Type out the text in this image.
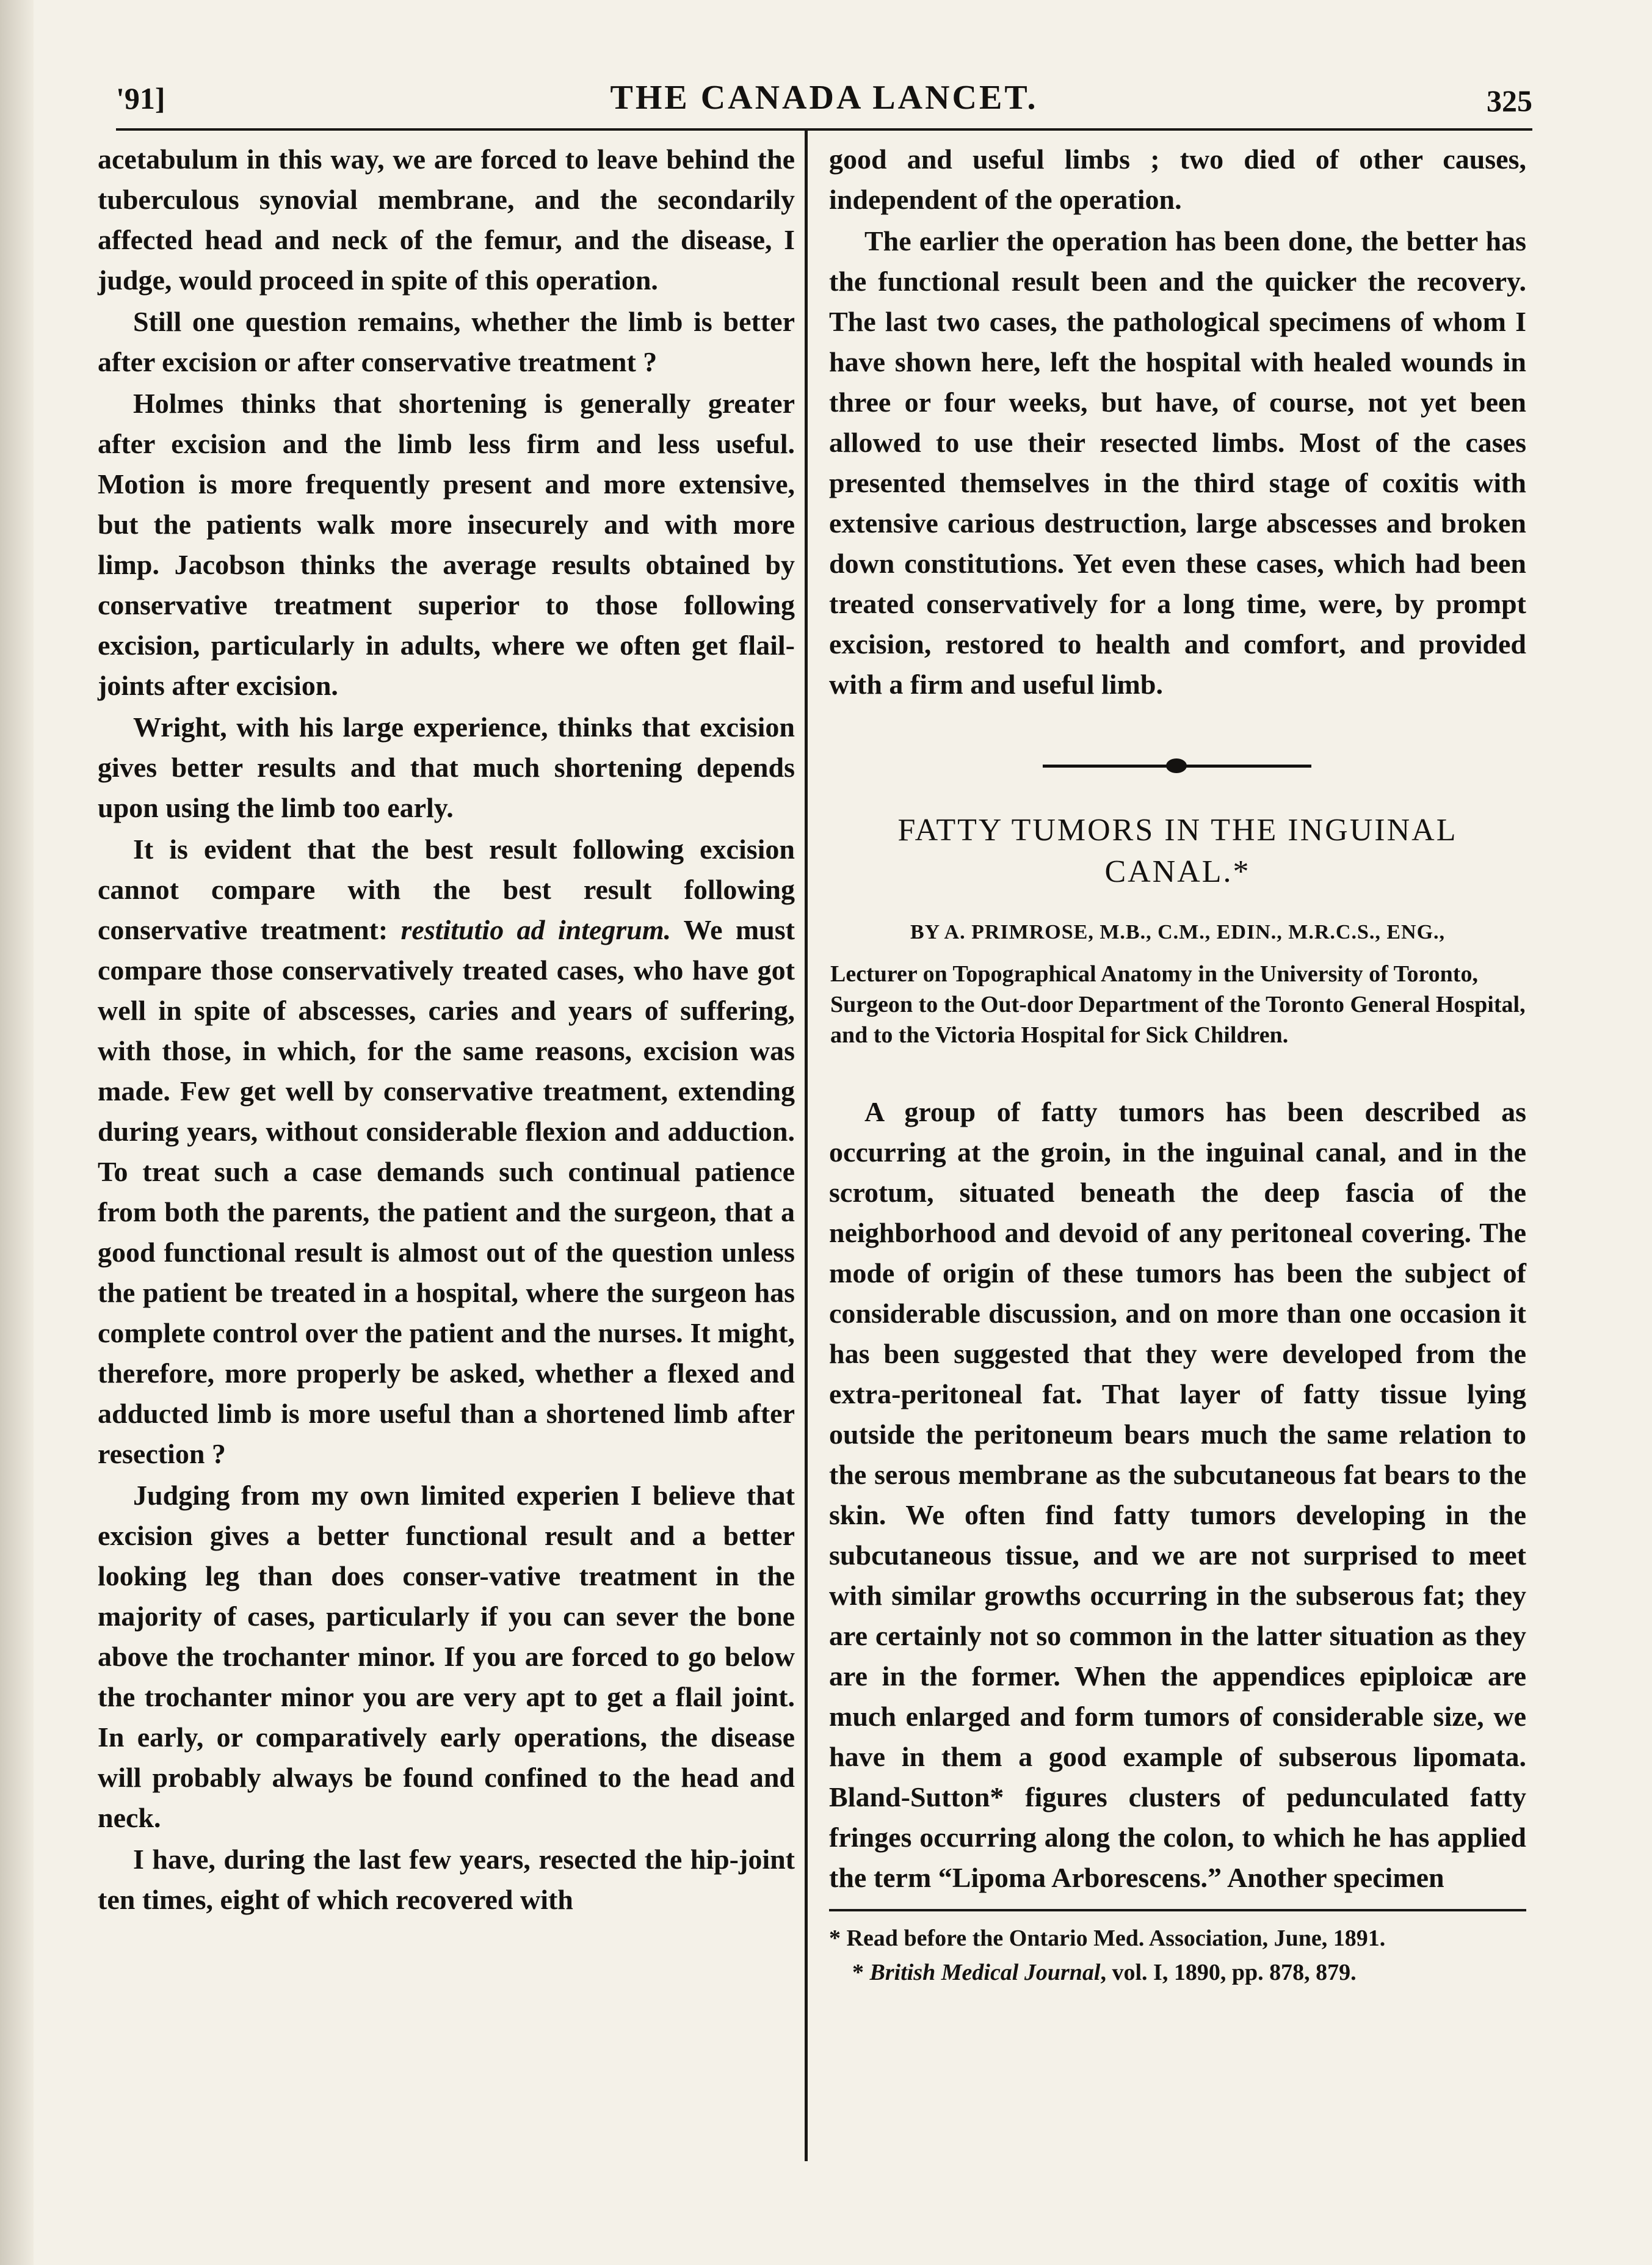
'91]	THE CANADA LANCET.	325

acetabulum in this way, we are forced to leave behind the tuberculous synovial membrane, and the secondarily affected head and neck of the femur, and the disease, I judge, would proceed in spite of this operation.

Still one question remains, whether the limb is better after excision or after conservative treatment ?

Holmes thinks that shortening is generally greater after excision and the limb less firm and less useful. Motion is more frequently present and more extensive, but the patients walk more insecurely and with more limp. Jacobson thinks the average results obtained by conservative treatment superior to those following excision, particularly in adults, where we often get flail-joints after excision.

Wright, with his large experience, thinks that excision gives better results and that much shortening depends upon using the limb too early.

It is evident that the best result following excision cannot compare with the best result following conservative treatment: restitutio ad integrum. We must compare those conservatively treated cases, who have got well in spite of abscesses, caries and years of suffering, with those, in which, for the same reasons, excision was made. Few get well by conservative treatment, extending during years, without considerable flexion and adduction. To treat such a case demands such continual patience from both the parents, the patient and the surgeon, that a good functional result is almost out of the question unless the patient be treated in a hospital, where the surgeon has complete control over the patient and the nurses. It might, therefore, more properly be asked, whether a flexed and adducted limb is more useful than a shortened limb after resection ?

Judging from my own limited experien I believe that excision gives a better functional result and a better looking leg than does conser-vative treatment in the majority of cases, particularly if you can sever the bone above the trochanter minor. If you are forced to go below the trochanter minor you are very apt to get a flail joint. In early, or comparatively early operations, the disease will probably always be found confined to the head and neck.

I have, during the last few years, resected the hip-joint ten times, eight of which recovered with

good and useful limbs ; two died of other causes, independent of the operation.

The earlier the operation has been done, the better has the functional result been and the quicker the recovery. The last two cases, the pathological specimens of whom I have shown here, left the hospital with healed wounds in three or four weeks, but have, of course, not yet been allowed to use their resected limbs. Most of the cases presented themselves in the third stage of coxitis with extensive carious destruction, large abscesses and broken down constitutions. Yet even these cases, which had been treated conservatively for a long time, were, by prompt excision, restored to health and comfort, and provided with a firm and useful limb.

FATTY TUMORS IN THE INGUINAL CANAL.*

BY A. PRIMROSE, M.B., C.M., EDIN., M.R.C.S., ENG.,

Lecturer on Topographical Anatomy in the University of Toronto, Surgeon to the Out-door Department of the Toronto General Hospital, and to the Victoria Hospital for Sick Children.

A group of fatty tumors has been described as occurring at the groin, in the inguinal canal, and in the scrotum, situated beneath the deep fascia of the neighborhood and devoid of any peritoneal covering. The mode of origin of these tumors has been the subject of considerable discussion, and on more than one occasion it has been suggested that they were developed from the extra-peritoneal fat. That layer of fatty tissue lying outside the peritoneum bears much the same relation to the serous membrane as the subcutaneous fat bears to the skin. We often find fatty tumors developing in the subcutaneous tissue, and we are not surprised to meet with similar growths occurring in the subserous fat; they are certainly not so common in the latter situation as they are in the former. When the appendices epiploicæ are much enlarged and form tumors of considerable size, we have in them a good example of subserous lipomata. Bland-Sutton* figures clusters of pedunculated fatty fringes occurring along the colon, to which he has applied the term “Lipoma Arborescens.” Another specimen

* Read before the Ontario Med. Association, June, 1891.

* British Medical Journal, vol. I, 1890, pp. 878, 879.
